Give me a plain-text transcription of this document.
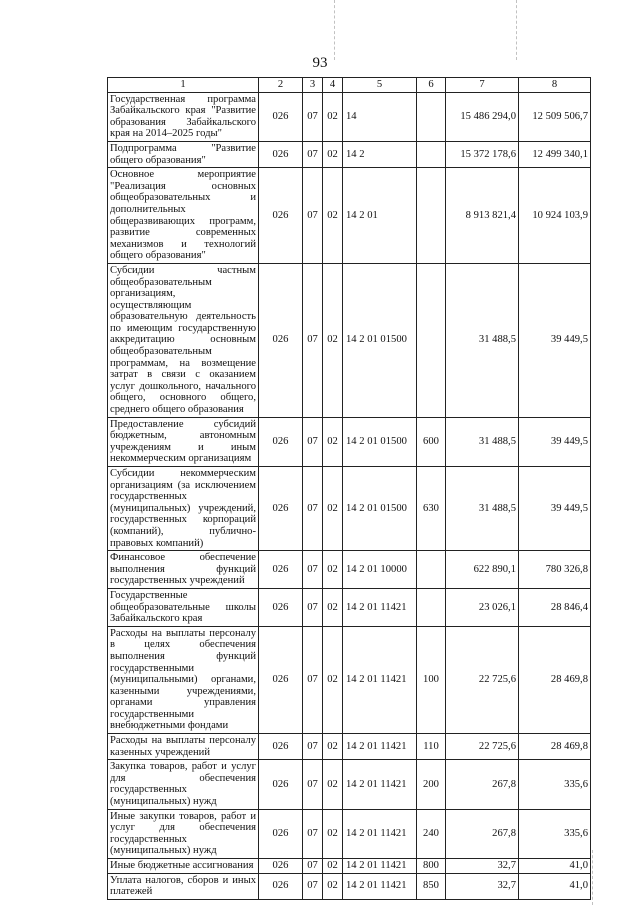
93
1	2	3	4	5	6	7	8
Государственная программа Забайкальского края "Развитие образования Забайкальского края на 2014–2025 годы"	026	07	02	14		15 486 294,0	12 509 506,7
Подпрограмма "Развитие общего образования"	026	07	02	14 2		15 372 178,6	12 499 340,1
Основное мероприятие "Реализация основных общеобразовательных и дополнительных общеразвивающих программ, развитие современных механизмов и технологий общего образования"	026	07	02	14 2 01		8 913 821,4	10 924 103,9
Субсидии частным общеобразовательным организациям, осуществляющим образовательную деятельность по имеющим государственную аккредитацию основным общеобразовательным программам, на возмещение затрат в связи с оказанием услуг дошкольного, начального общего, основного общего, среднего общего образования	026	07	02	14 2 01 01500		31 488,5	39 449,5
Предоставление субсидий бюджетным, автономным учреждениям и иным некоммерческим организациям	026	07	02	14 2 01 01500	600	31 488,5	39 449,5
Субсидии некоммерческим организациям (за исключением государственных (муниципальных) учреждений, государственных корпораций (компаний), публично-правовых компаний)	026	07	02	14 2 01 01500	630	31 488,5	39 449,5
Финансовое обеспечение выполнения функций государственных учреждений	026	07	02	14 2 01 10000		622 890,1	780 326,8
Государственные общеобразовательные школы Забайкальского края	026	07	02	14 2 01 11421		23 026,1	28 846,4
Расходы на выплаты персоналу в целях обеспечения выполнения функций государственными (муниципальными) органами, казенными учреждениями, органами управления государственными внебюджетными фондами	026	07	02	14 2 01 11421	100	22 725,6	28 469,8
Расходы на выплаты персоналу казенных учреждений	026	07	02	14 2 01 11421	110	22 725,6	28 469,8
Закупка товаров, работ и услуг для обеспечения государственных (муниципальных) нужд	026	07	02	14 2 01 11421	200	267,8	335,6
Иные закупки товаров, работ и услуг для обеспечения государственных (муниципальных) нужд	026	07	02	14 2 01 11421	240	267,8	335,6
Иные бюджетные ассигнования	026	07	02	14 2 01 11421	800	32,7	41,0
Уплата налогов, сборов и иных платежей	026	07	02	14 2 01 11421	850	32,7	41,0
